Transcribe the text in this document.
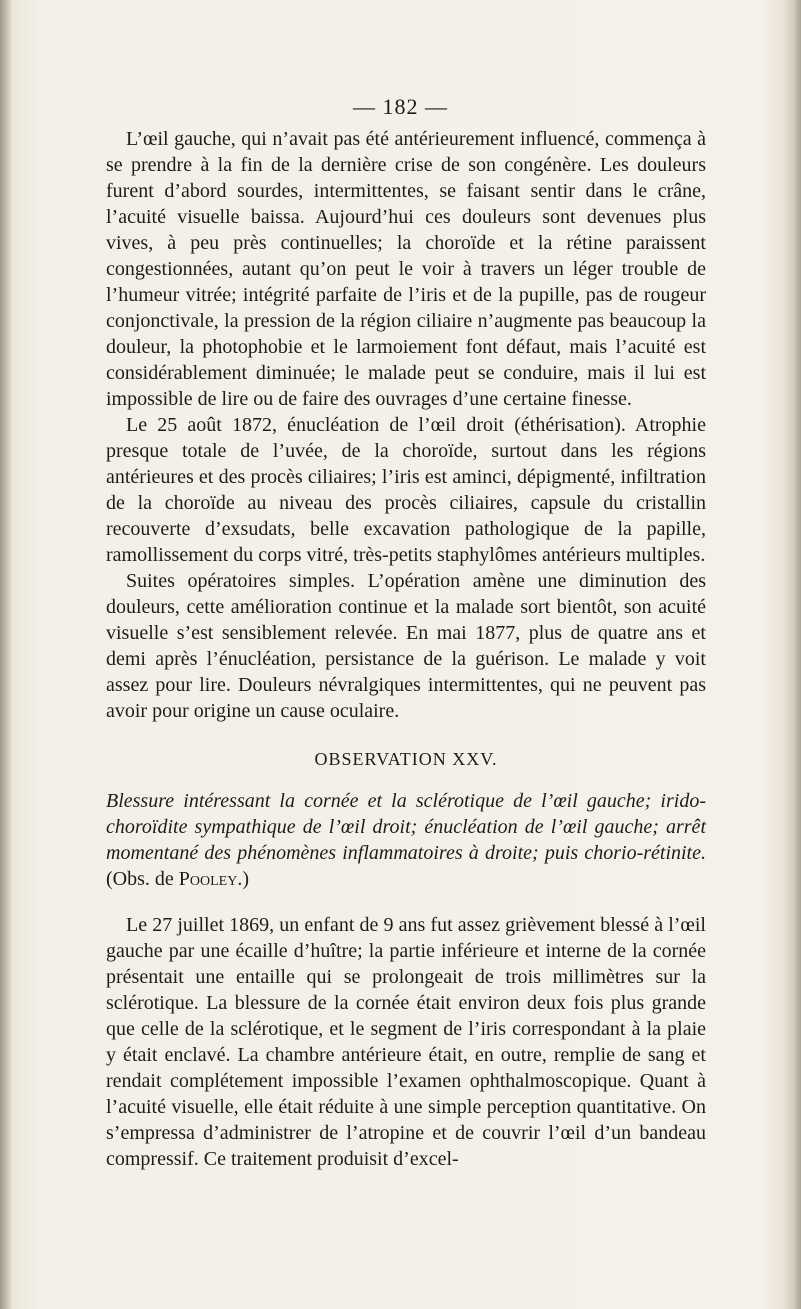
— 182 —

L’œil gauche, qui n’avait pas été antérieurement influencé, commença à se prendre à la fin de la dernière crise de son congénère. Les douleurs furent d’abord sourdes, intermittentes, se faisant sentir dans le crâne, l’acuité visuelle baissa. Aujourd’hui ces douleurs sont devenues plus vives, à peu près continuelles; la choroïde et la rétine paraissent congestionnées, autant qu’on peut le voir à travers un léger trouble de l’humeur vitrée; intégrité parfaite de l’iris et de la pupille, pas de rougeur conjonctivale, la pression de la région ciliaire n’augmente pas beaucoup la douleur, la photophobie et le larmoiement font défaut, mais l’acuité est considérablement diminuée; le malade peut se conduire, mais il lui est impossible de lire ou de faire des ouvrages d’une certaine finesse.

Le 25 août 1872, énucléation de l’œil droit (éthérisation). Atrophie presque totale de l’uvée, de la choroïde, surtout dans les régions antérieures et des procès ciliaires; l’iris est aminci, dépigmenté, infiltration de la choroïde au niveau des procès ciliaires, capsule du cristallin recouverte d’exsudats, belle excavation pathologique de la papille, ramollissement du corps vitré, très-petits staphylômes antérieurs multiples.

Suites opératoires simples. L’opération amène une diminution des douleurs, cette amélioration continue et la malade sort bientôt, son acuité visuelle s’est sensiblement relevée. En mai 1877, plus de quatre ans et demi après l’énucléation, persistance de la guérison. Le malade y voit assez pour lire. Douleurs névralgiques intermittentes, qui ne peuvent pas avoir pour origine un cause oculaire.

OBSERVATION XXV.

Blessure intéressant la cornée et la sclérotique de l’œil gauche; irido-choroïdite sympathique de l’œil droit; énucléation de l’œil gauche; arrêt momentané des phénomènes inflammatoires à droite; puis chorio-rétinite. (Obs. de Pooley.)

Le 27 juillet 1869, un enfant de 9 ans fut assez grièvement blessé à l’œil gauche par une écaille d’huître; la partie inférieure et interne de la cornée présentait une entaille qui se prolongeait de trois millimètres sur la sclérotique. La blessure de la cornée était environ deux fois plus grande que celle de la sclérotique, et le segment de l’iris correspondant à la plaie y était enclavé. La chambre antérieure était, en outre, remplie de sang et rendait complétement impossible l’examen ophthalmoscopique. Quant à l’acuité visuelle, elle était réduite à une simple perception quantitative. On s’empressa d’administrer de l’atropine et de couvrir l’œil d’un bandeau compressif. Ce traitement produisit d’excel-
